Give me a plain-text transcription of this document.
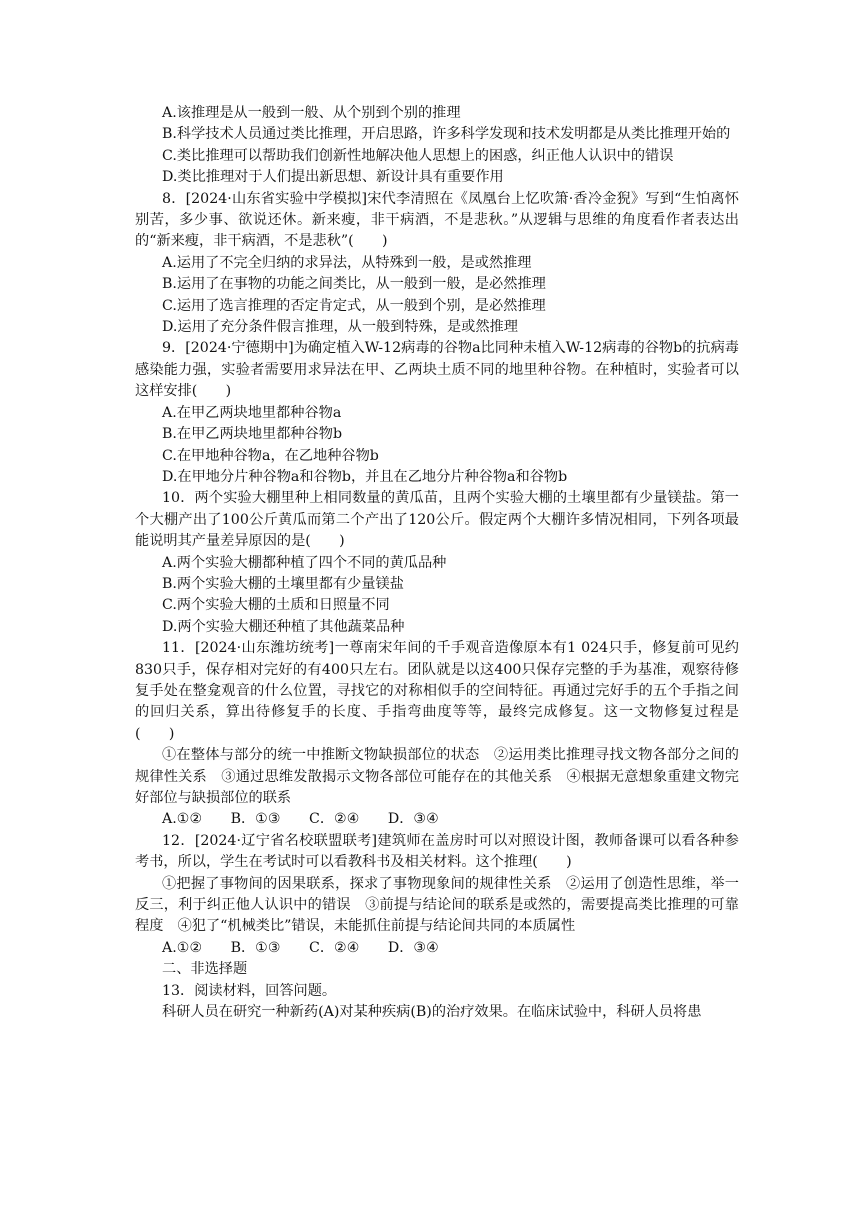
A.该推理是从一般到一般、从个别到个别的推理

B.科学技术人员通过类比推理，开启思路，许多科学发现和技术发明都是从类比推理开始的

C.类比推理可以帮助我们创新性地解决他人思想上的困惑，纠正他人认识中的错误

D.类比推理对于人们提出新思想、新设计具有重要作用

8．[2024·山东省实验中学模拟]宋代李清照在《凤凰台上忆吹箫·香冷金猊》写到“生怕离怀别苦，多少事、欲说还休。新来瘦，非干病酒，不是悲秋。”从逻辑与思维的角度看作者表达出的“新来瘦，非干病酒，不是悲秋”(　　)

A.运用了不完全归纳的求异法，从特殊到一般，是或然推理

B.运用了在事物的功能之间类比，从一般到一般，是必然推理

C.运用了选言推理的否定肯定式，从一般到个别，是必然推理

D.运用了充分条件假言推理，从一般到特殊，是或然推理

9．[2024·宁德期中]为确定植入W-12病毒的谷物a比同种未植入W-12病毒的谷物b的抗病毒感染能力强，实验者需要用求异法在甲、乙两块土质不同的地里种谷物。在种植时，实验者可以这样安排(　　)

A.在甲乙两块地里都种谷物a

B.在甲乙两块地里都种谷物b

C.在甲地种谷物a，在乙地种谷物b

D.在甲地分片种谷物a和谷物b，并且在乙地分片种谷物a和谷物b

10．两个实验大棚里种上相同数量的黄瓜苗，且两个实验大棚的土壤里都有少量镁盐。第一个大棚产出了100公斤黄瓜而第二个产出了120公斤。假定两个大棚许多情况相同，下列各项最能说明其产量差异原因的是(　　)

A.两个实验大棚都种植了四个不同的黄瓜品种

B.两个实验大棚的土壤里都有少量镁盐

C.两个实验大棚的土质和日照量不同

D.两个实验大棚还种植了其他蔬菜品种

11．[2024·山东潍坊统考]一尊南宋年间的千手观音造像原本有1 024只手，修复前可见约830只手，保存相对完好的有400只左右。团队就是以这400只保存完整的手为基准，观察待修复手处在整龛观音的什么位置，寻找它的对称相似手的空间特征。再通过完好手的五个手指之间的回归关系，算出待修复手的长度、手指弯曲度等等，最终完成修复。这一文物修复过程是(　　)

①在整体与部分的统一中推断文物缺损部位的状态　②运用类比推理寻找文物各部分之间的规律性关系　③通过思维发散揭示文物各部位可能存在的其他关系　④根据无意想象重建文物完好部位与缺损部位的联系

A.①②　　B．①③　　C．②④　　D．③④

12．[2024·辽宁省名校联盟联考]建筑师在盖房时可以对照设计图，教师备课可以看各种参考书，所以，学生在考试时可以看教科书及相关材料。这个推理(　　)

①把握了事物间的因果联系，探求了事物现象间的规律性关系　②运用了创造性思维，举一反三，利于纠正他人认识中的错误　③前提与结论间的联系是或然的，需要提高类比推理的可靠程度　④犯了“机械类比”错误，未能抓住前提与结论间共同的本质属性

A.①②　　B．①③　　C．②④　　D．③④

二、非选择题

13．阅读材料，回答问题。

科研人员在研究一种新药(A)对某种疾病(B)的治疗效果。在临床试验中，科研人员将患
